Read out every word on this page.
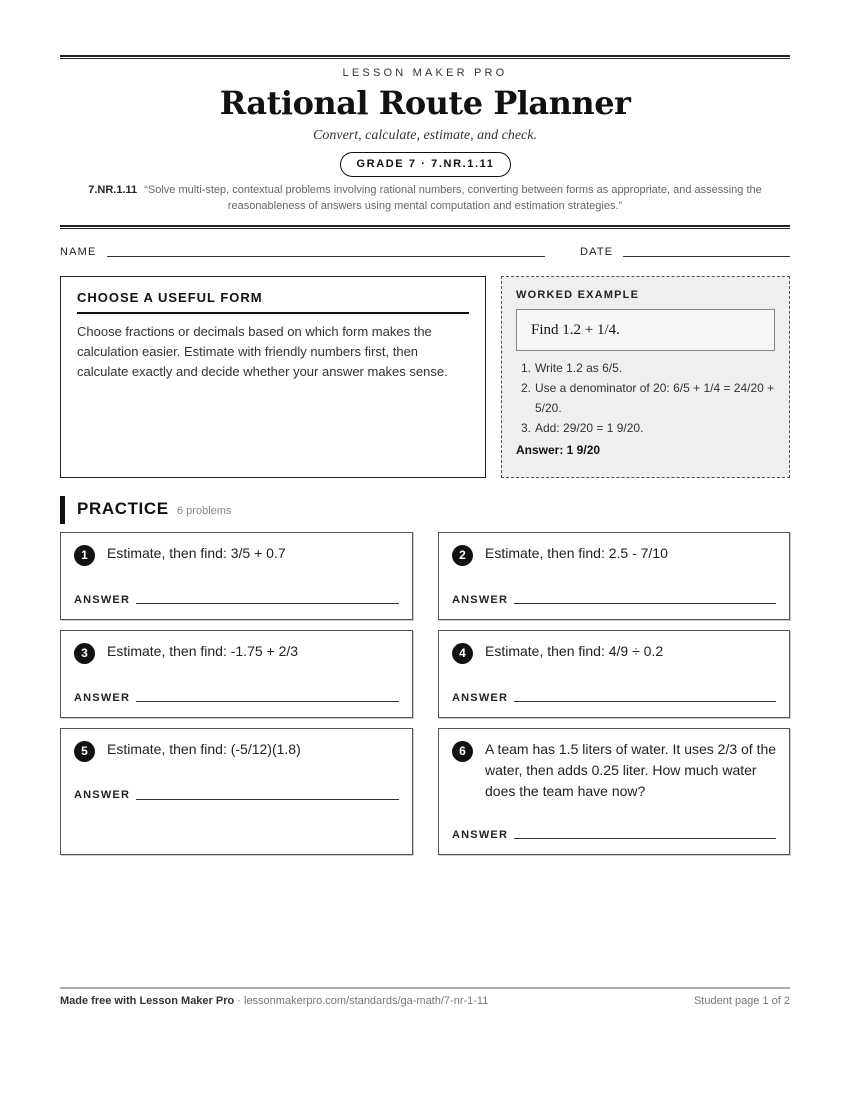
LESSON MAKER PRO
Rational Route Planner
Convert, calculate, estimate, and check.
GRADE 7 · 7.NR.1.11
7.NR.1.11 “Solve multi-step, contextual problems involving rational numbers, converting between forms as appropriate, and assessing the reasonableness of answers using mental computation and estimation strategies.”
NAME	DATE
CHOOSE A USEFUL FORM

Choose fractions or decimals based on which form makes the calculation easier. Estimate with friendly numbers first, then calculate exactly and decide whether your answer makes sense.

WORKED EXAMPLE
Find 1.2 + 1/4.
1. Write 1.2 as 6/5.
2. Use a denominator of 20: 6/5 + 1/4 = 24/20 + 5/20.
3. Add: 29/20 = 1 9/20.
Answer: 1 9/20
PRACTICE 6 problems
1	Estimate, then find: 3/5 + 0.7
ANSWER
2	Estimate, then find: 2.5 - 7/10
ANSWER
3	Estimate, then find: -1.75 + 2/3
ANSWER
4	Estimate, then find: 4/9 ÷ 0.2
ANSWER
5	Estimate, then find: (-5/12)(1.8)
ANSWER
6	A team has 1.5 liters of water. It uses 2/3 of the water, then adds 0.25 liter. How much water does the team have now?
ANSWER
Made free with Lesson Maker Pro · lessonmakerpro.com/standards/ga-math/7-nr-1-11	Student page 1 of 2
